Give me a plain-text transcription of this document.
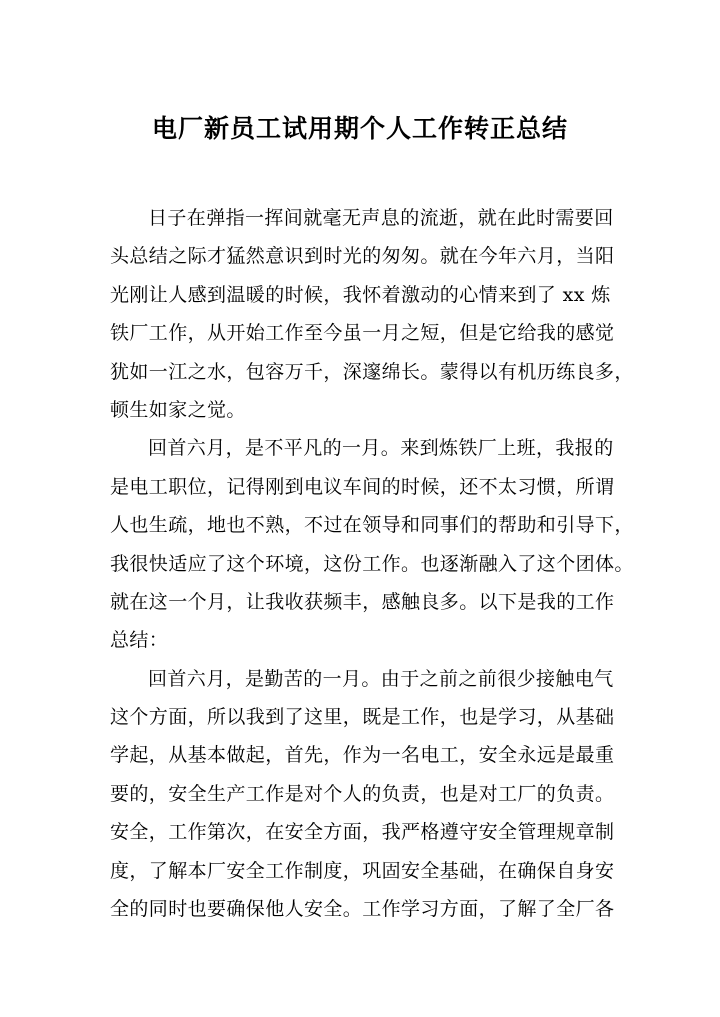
电厂新员工试用期个人工作转正总结
日子在弹指一挥间就毫无声息的流逝，就在此时需要回
头总结之际才猛然意识到时光的匆匆。就在今年六月，当阳
光刚让人感到温暖的时候，我怀着激动的心情来到了 xx 炼
铁厂工作，从开始工作至今虽一月之短，但是它给我的感觉
犹如一江之水，包容万千，深邃绵长。蒙得以有机历练良多，
顿生如家之觉。
回首六月，是不平凡的一月。来到炼铁厂上班，我报的
是电工职位，记得刚到电议车间的时候，还不太习惯，所谓
人也生疏，地也不熟，不过在领导和同事们的帮助和引导下，
我很快适应了这个环境，这份工作。也逐渐融入了这个团体。
就在这一个月，让我收获频丰，感触良多。以下是我的工作
总结：
回首六月，是勤苦的一月。由于之前之前很少接触电气
这个方面，所以我到了这里，既是工作，也是学习，从基础
学起，从基本做起，首先，作为一名电工，安全永远是最重
要的，安全生产工作是对个人的负责，也是对工厂的负责。
安全，工作第次，在安全方面，我严格遵守安全管理规章制
度，了解本厂安全工作制度，巩固安全基础，在确保自身安
全的同时也要确保他人安全。工作学习方面，了解了全厂各
